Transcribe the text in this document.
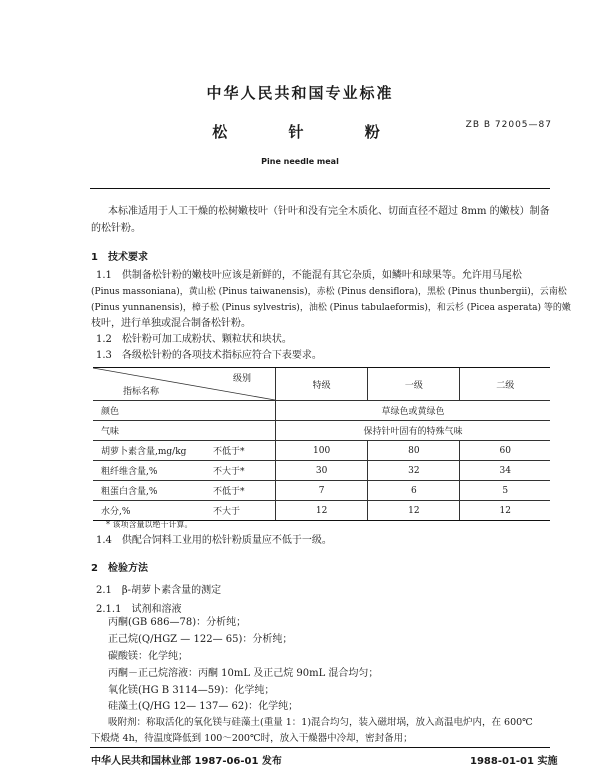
中华人民共和国专业标准
松 针 粉	ZB B 72005—87
Pine needle meal
本标准适用于人工干燥的松树嫩枝叶（针叶和没有完全木质化、切面直径不超过 8mm 的嫩枝）制备
的松针粉。
1　技术要求
1.1　供制备松针粉的嫩枝叶应该是新鲜的，不能混有其它杂质，如鳞叶和球果等。允许用马尾松
(Pinus massoniana)，黄山松 (Pinus taiwanensis)，赤松 (Pinus densiflora)，黑松 (Pinus thunbergii)，云南松
(Pinus yunnanensis)，樟子松 (Pinus sylvestris)，油松 (Pinus tabulaeformis)，和云杉 (Picea asperata) 等的嫩
枝叶，进行单独或混合制备松针粉。
1.2　松针粉可加工成粉状、颗粒状和块状。
1.3　各级松针粉的各项技术指标应符合下表要求。
级别
指标名称	特级	一级	二级
颜色	草绿色或黄绿色		
气味	保持针叶固有的特殊气味		

胡萝卜素含量,mg/kg 不低于*	100	80	60

粗纤维含量,% 不大于*	30	32	34

粗蛋白含量,% 不低于*	7	6	5

水分,% 不大于	12	12	12
* 该项含量以绝干计算。
1.4　供配合饲料工业用的松针粉质量应不低于一级。
2　检验方法
2.1　β-胡萝卜素含量的测定
2.1.1　试剂和溶液
丙酮(GB 686—78)：分析纯；
正己烷(Q/HGZ — 122— 65)：分析纯；
碳酸镁：化学纯；
丙酮－正己烷溶液：丙酮 10mL 及正己烷 90mL 混合均匀；
氧化镁(HG B 3114—59)：化学纯；
硅藻土(Q/HG 12— 137— 62)：化学纯；
吸附剂：称取活化的氧化镁与硅藻土(重量 1：1)混合均匀，装入磁坩埚，放入高温电炉内，在 600℃
下煅烧 4h，待温度降低到 100～200℃时，放入干燥器中冷却，密封备用；
中华人民共和国林业部 1987-06-01 发布	1988-01-01 实施
